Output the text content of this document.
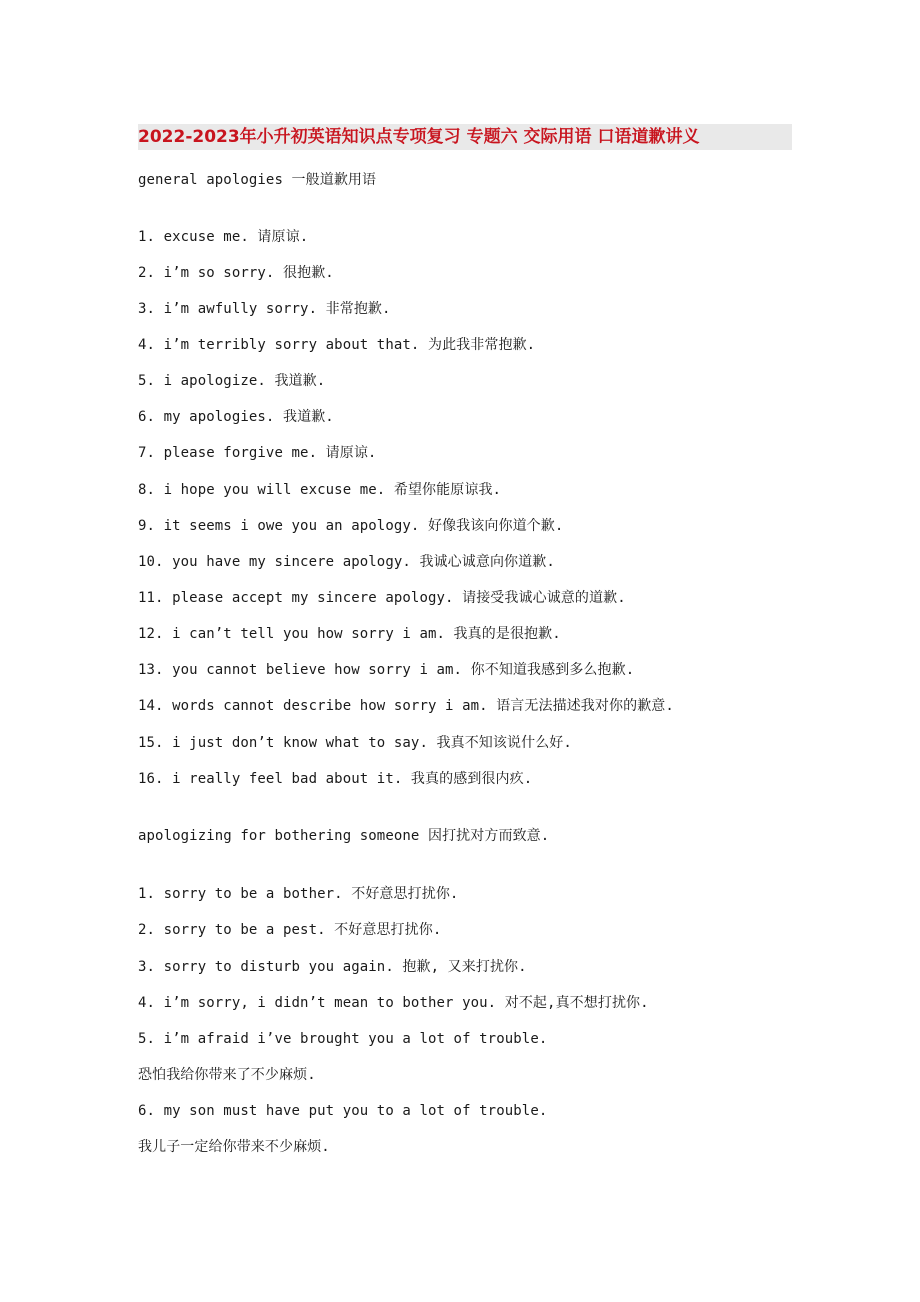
2022-2023年小升初英语知识点专项复习 专题六 交际用语 口语道歉讲义
general apologies 一般道歉用语
1. excuse me. 请原谅.
2. i’m so sorry. 很抱歉.
3. i’m awfully sorry. 非常抱歉.
4. i’m terribly sorry about that. 为此我非常抱歉.
5. i apologize. 我道歉.
6. my apologies. 我道歉.
7. please forgive me. 请原谅.
8. i hope you will excuse me. 希望你能原谅我.
9. it seems i owe you an apology. 好像我该向你道个歉.
10. you have my sincere apology. 我诚心诚意向你道歉.
11. please accept my sincere apology. 请接受我诚心诚意的道歉.
12. i can’t tell you how sorry i am. 我真的是很抱歉.
13. you cannot believe how sorry i am. 你不知道我感到多么抱歉.
14. words cannot describe how sorry i am. 语言无法描述我对你的歉意.
15. i just don’t know what to say. 我真不知该说什么好.
16. i really feel bad about it. 我真的感到很内疚.
apologizing for bothering someone 因打扰对方而致意.
1. sorry to be a bother. 不好意思打扰你.
2. sorry to be a pest. 不好意思打扰你.
3. sorry to disturb you again. 抱歉, 又来打扰你.
4. i’m sorry, i didn’t mean to bother you. 对不起,真不想打扰你.
5. i’m afraid i’ve brought you a lot of trouble.
恐怕我给你带来了不少麻烦.
6. my son must have put you to a lot of trouble.
我儿子一定给你带来不少麻烦.
